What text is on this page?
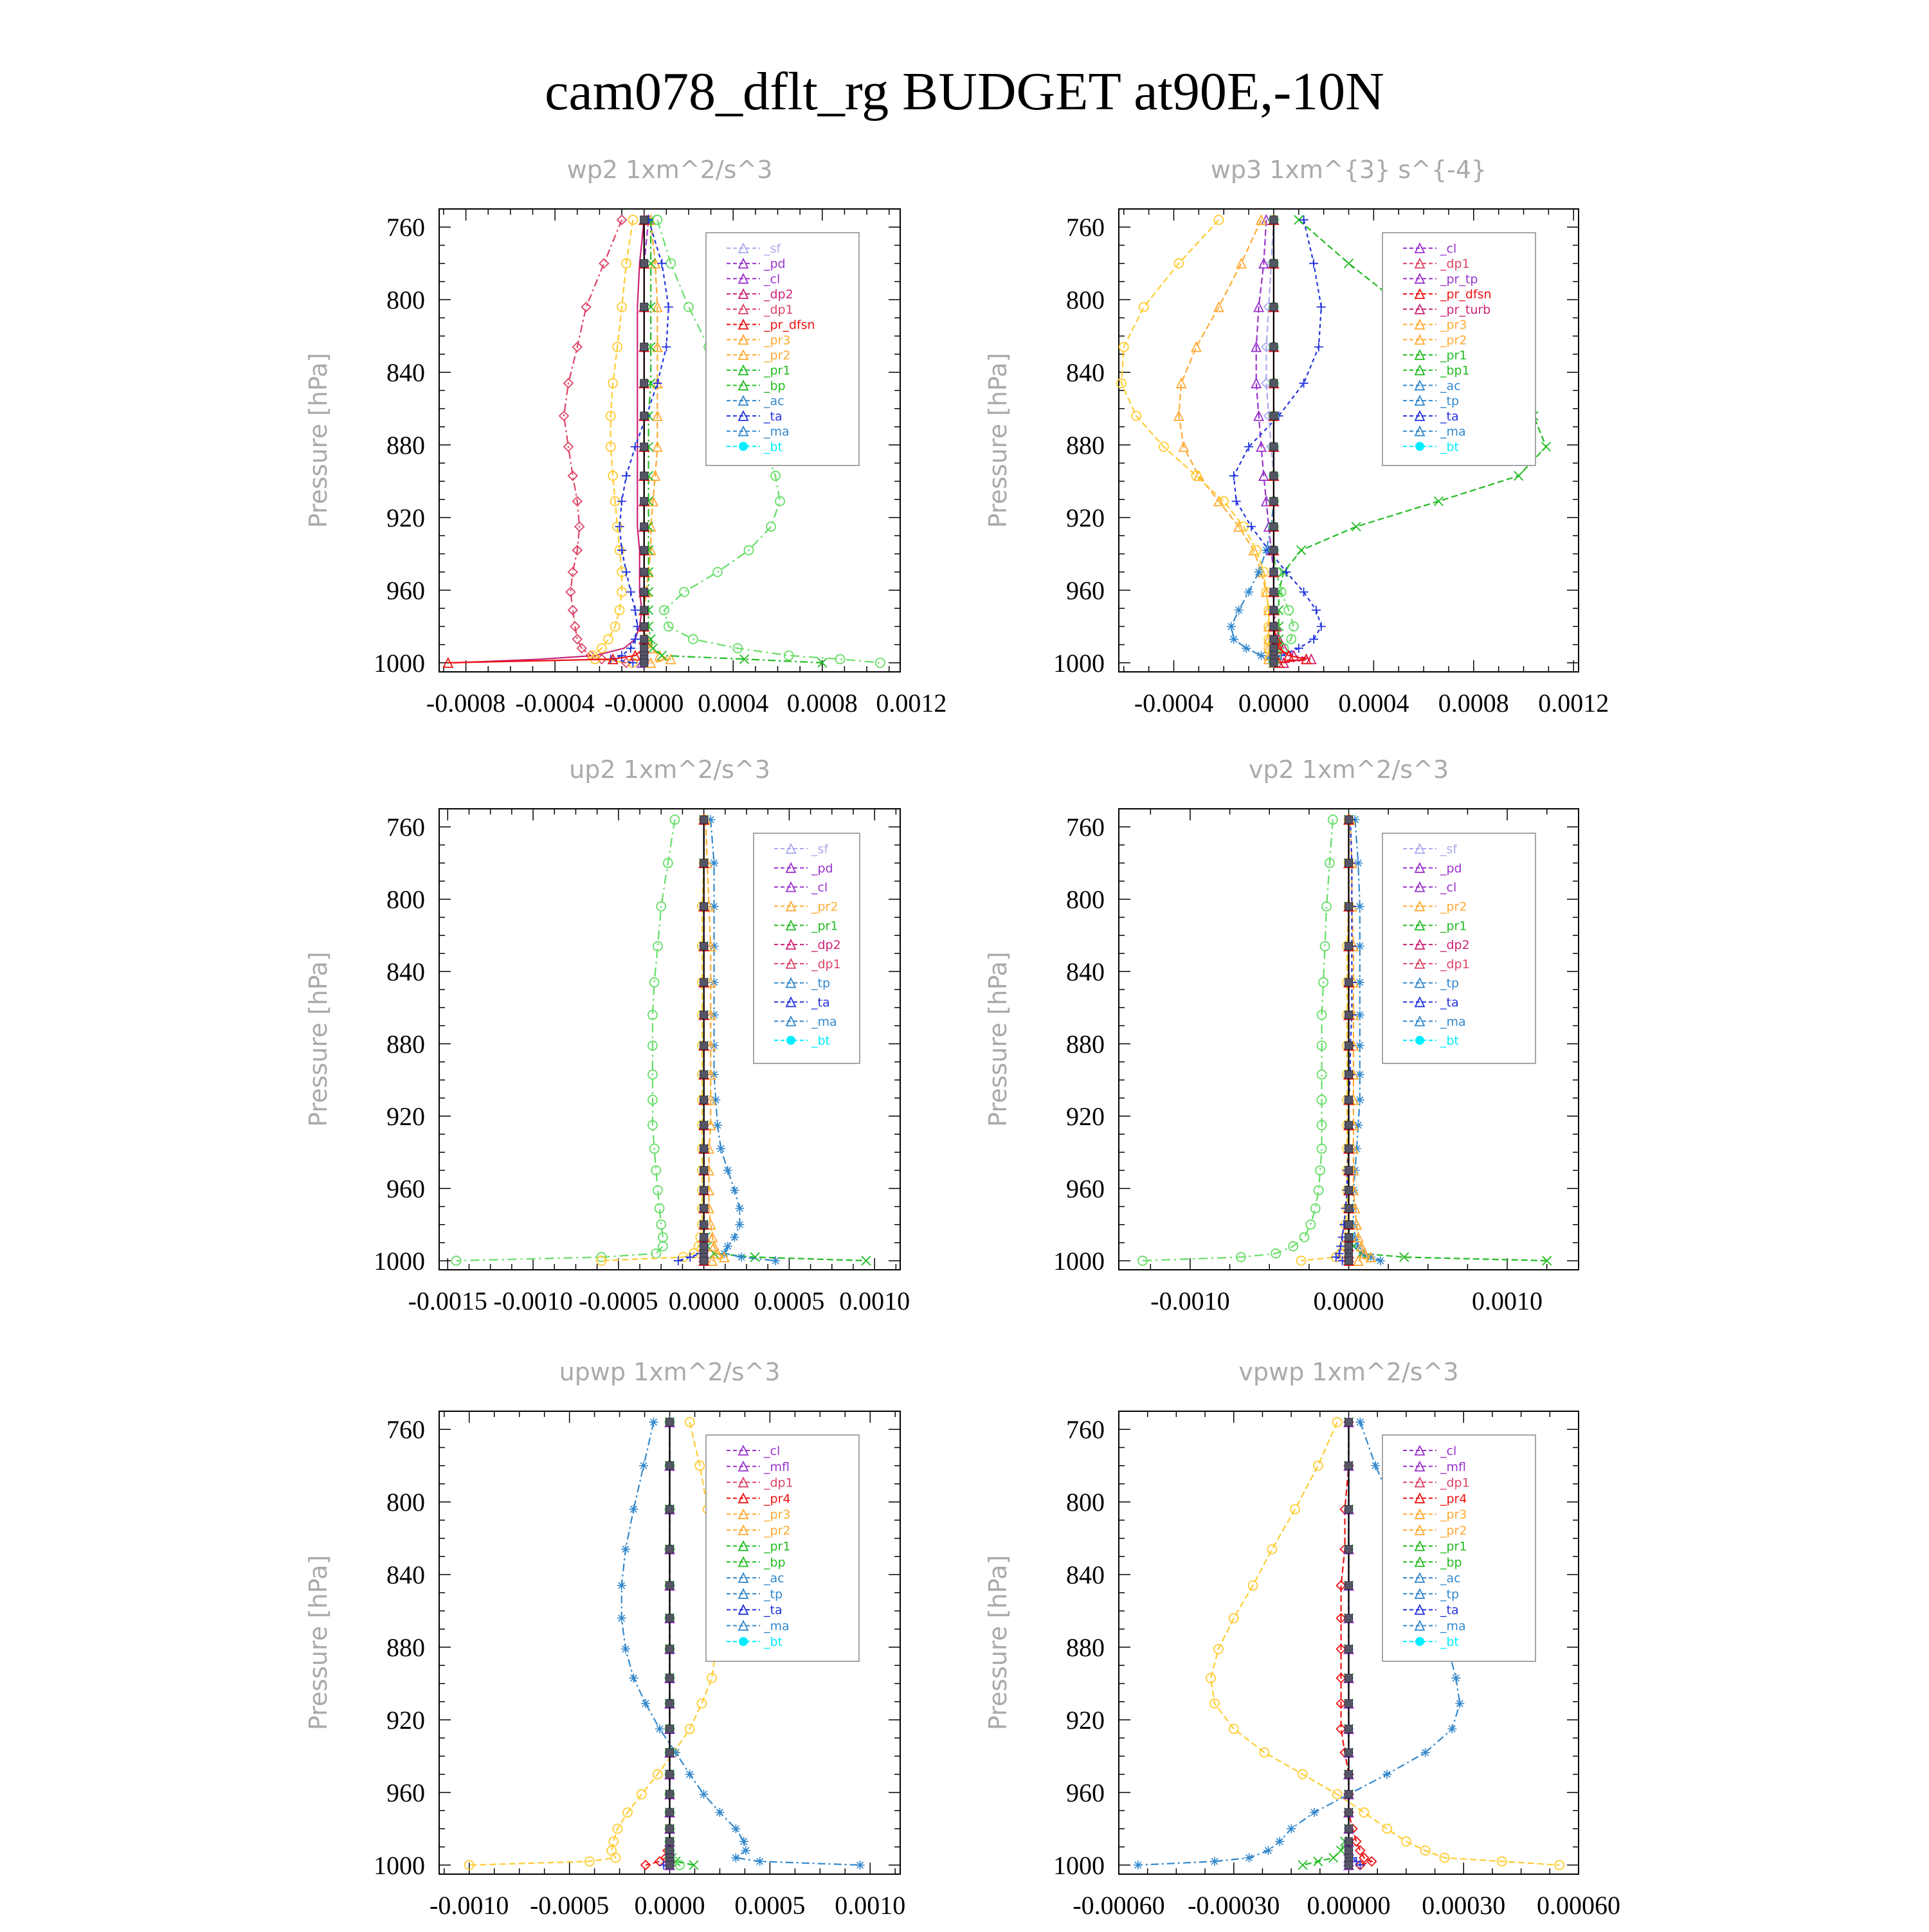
cam078_dflt_rg BUDGET at90E,-10N
wp2 1xm^2/s^3
Pressure [hPa]
760
800
840
880
920
960
1000
-0.0008 -0.0004 -0.0000 0.0004 0.0008 0.0012
_sf
_pd
_cl
_dp2
_dp1
_pr_dfsn
_pr3
_pr2
_pr1
_bp
_ac
_ta
_ma
_bt
wp3 1xm^{3} s^{-4}
Pressure [hPa]
760
800
840
880
920
960
1000
-0.0004 0.0000 0.0004 0.0008 0.0012
_cl
_dp1
_pr_tp
_pr_dfsn
_pr_turb
_pr3
_pr2
_pr1
_bp1
_ac
_tp
_ta
_ma
_bt
up2 1xm^2/s^3
Pressure [hPa]
760
800
840
880
920
960
1000
-0.0015 -0.0010 -0.0005 0.0000 0.0005 0.0010
_sf
_pd
_cl
_pr2
_pr1
_dp2
_dp1
_tp
_ta
_ma
_bt
vp2 1xm^2/s^3
Pressure [hPa]
760
800
840
880
920
960
1000
-0.0010	0.0000	0.0010
_sf
_pd
_cl
_pr2
_pr1
_dp2
_dp1
_tp
_ta
_ma
_bt
upwp 1xm^2/s^3
Pressure [hPa]
760
800
840
880
920
960
1000
-0.0010 -0.0005 0.0000 0.0005 0.0010
_cl
_mfl
_dp1
_pr4
_pr3
_pr2
_pr1
_bp
_ac
_tp
_ta
_ma
_bt
vpwp 1xm^2/s^3
Pressure [hPa]
760
800
840
880
920
960
1000
-0.00060 -0.00030 0.00000 0.00030 0.00060
_cl
_mfl
_dp1
_pr4
_pr3
_pr2
_pr1
_bp
_ac
_tp
_ta
_ma
_bt
